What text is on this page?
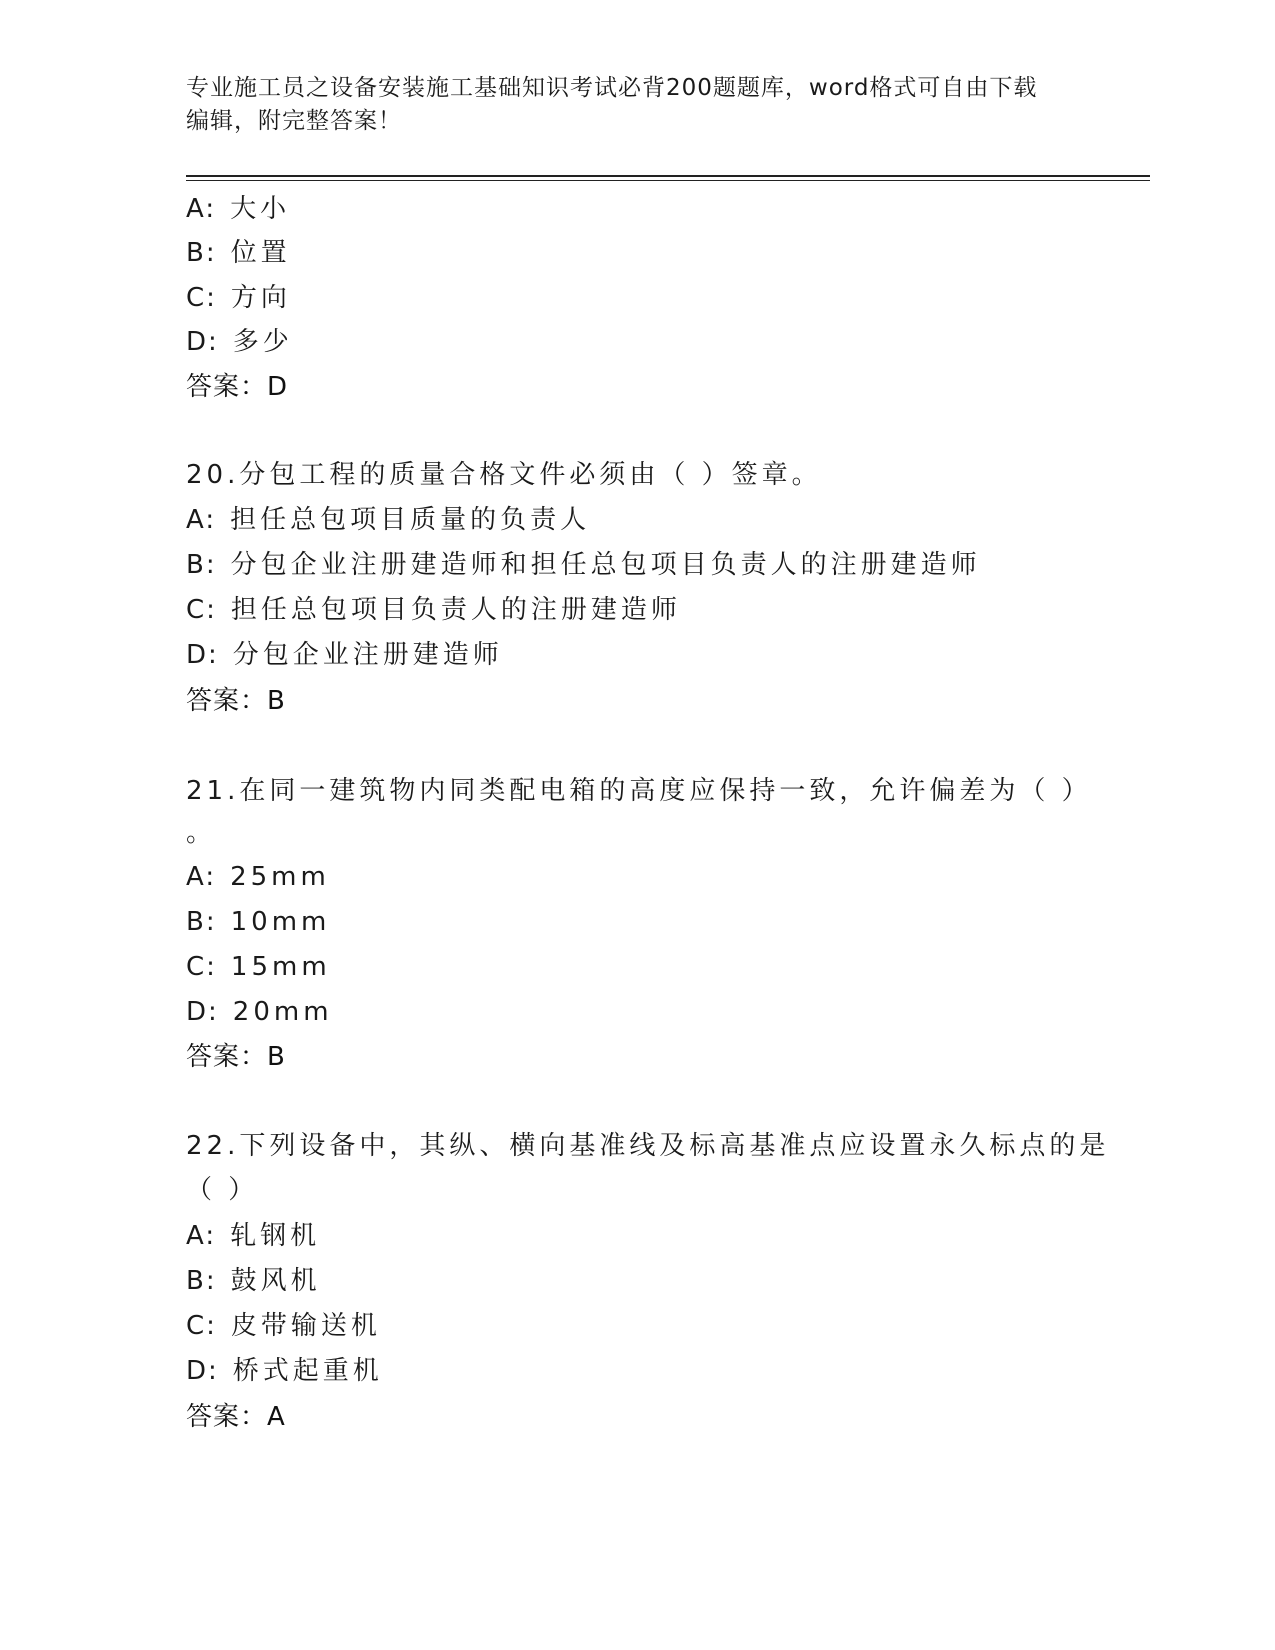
专业施工员之设备安装施工基础知识考试必背200题题库，word格式可自由下载
编辑，附完整答案！
A: 大小
B: 位置
C: 方向
D: 多少
答案：D
20.分包工程的质量合格文件必须由（ ）签章。
A: 担任总包项目质量的负责人
B: 分包企业注册建造师和担任总包项目负责人的注册建造师
C: 担任总包项目负责人的注册建造师
D: 分包企业注册建造师
答案：B
21.在同一建筑物内同类配电箱的高度应保持一致，允许偏差为（ ）
。
A: 25mm
B: 10mm
C: 15mm
D: 20mm
答案：B
22.下列设备中，其纵、横向基准线及标高基准点应设置永久标点的是
（ ）
A: 轧钢机
B: 鼓风机
C: 皮带输送机
D: 桥式起重机
答案：A
